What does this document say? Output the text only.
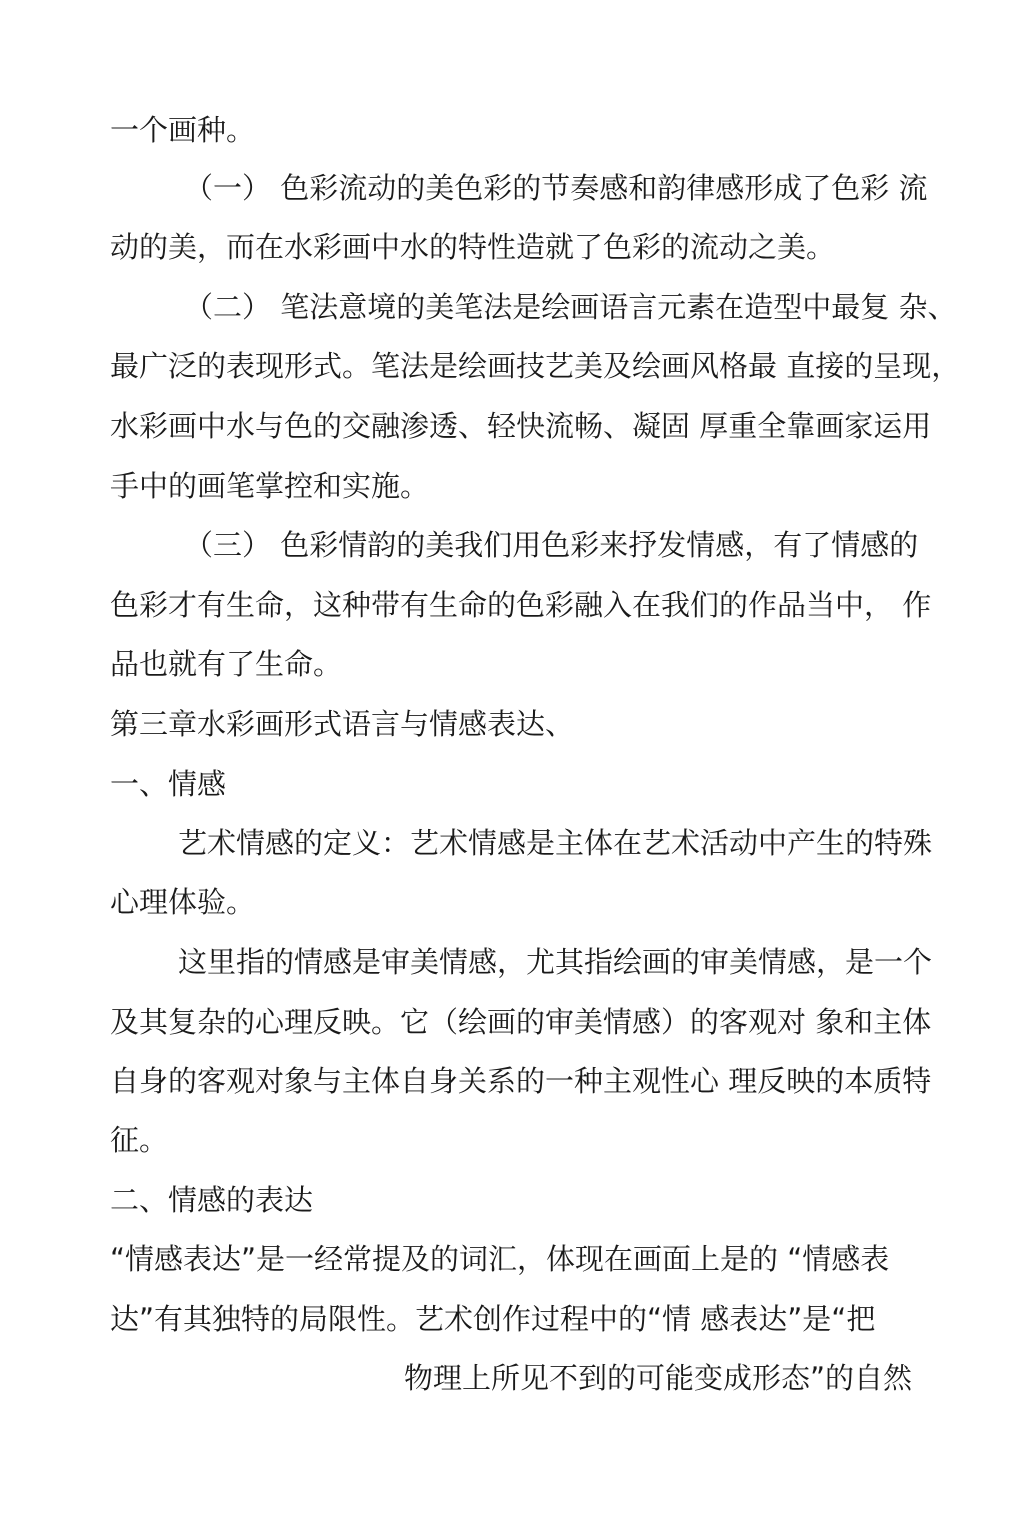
一个画种。
（一） 色彩流动的美色彩的节奏感和韵律感形成了色彩 流
动的美，而在水彩画中水的特性造就了色彩的流动之美。
（二） 笔法意境的美笔法是绘画语言元素在造型中最复 杂、
最广泛的表现形式。笔法是绘画技艺美及绘画风格最 直接的呈现，
水彩画中水与色的交融渗透、轻快流畅、凝固 厚重全靠画家运用
手中的画笔掌控和实施。
（三） 色彩情韵的美我们用色彩来抒发情感，有了情感的
色彩才有生命，这种带有生命的色彩融入在我们的作品当中， 作
品也就有了生命。
第三章水彩画形式语言与情感表达、
一、情感
艺术情感的定义：艺术情感是主体在艺术活动中产生的特殊
心理体验。
这里指的情感是审美情感，尤其指绘画的审美情感，是一个
及其复杂的心理反映。它（绘画的审美情感）的客观对 象和主体
自身的客观对象与主体自身关系的一种主观性心 理反映的本质特
征。
二、情感的表达
“情感表达”是一经常提及的词汇，体现在画面上是的 “情感表
达”有其独特的局限性。艺术创作过程中的“情 感表达”是“把
物理上所见不到的可能变成形态”的自然
